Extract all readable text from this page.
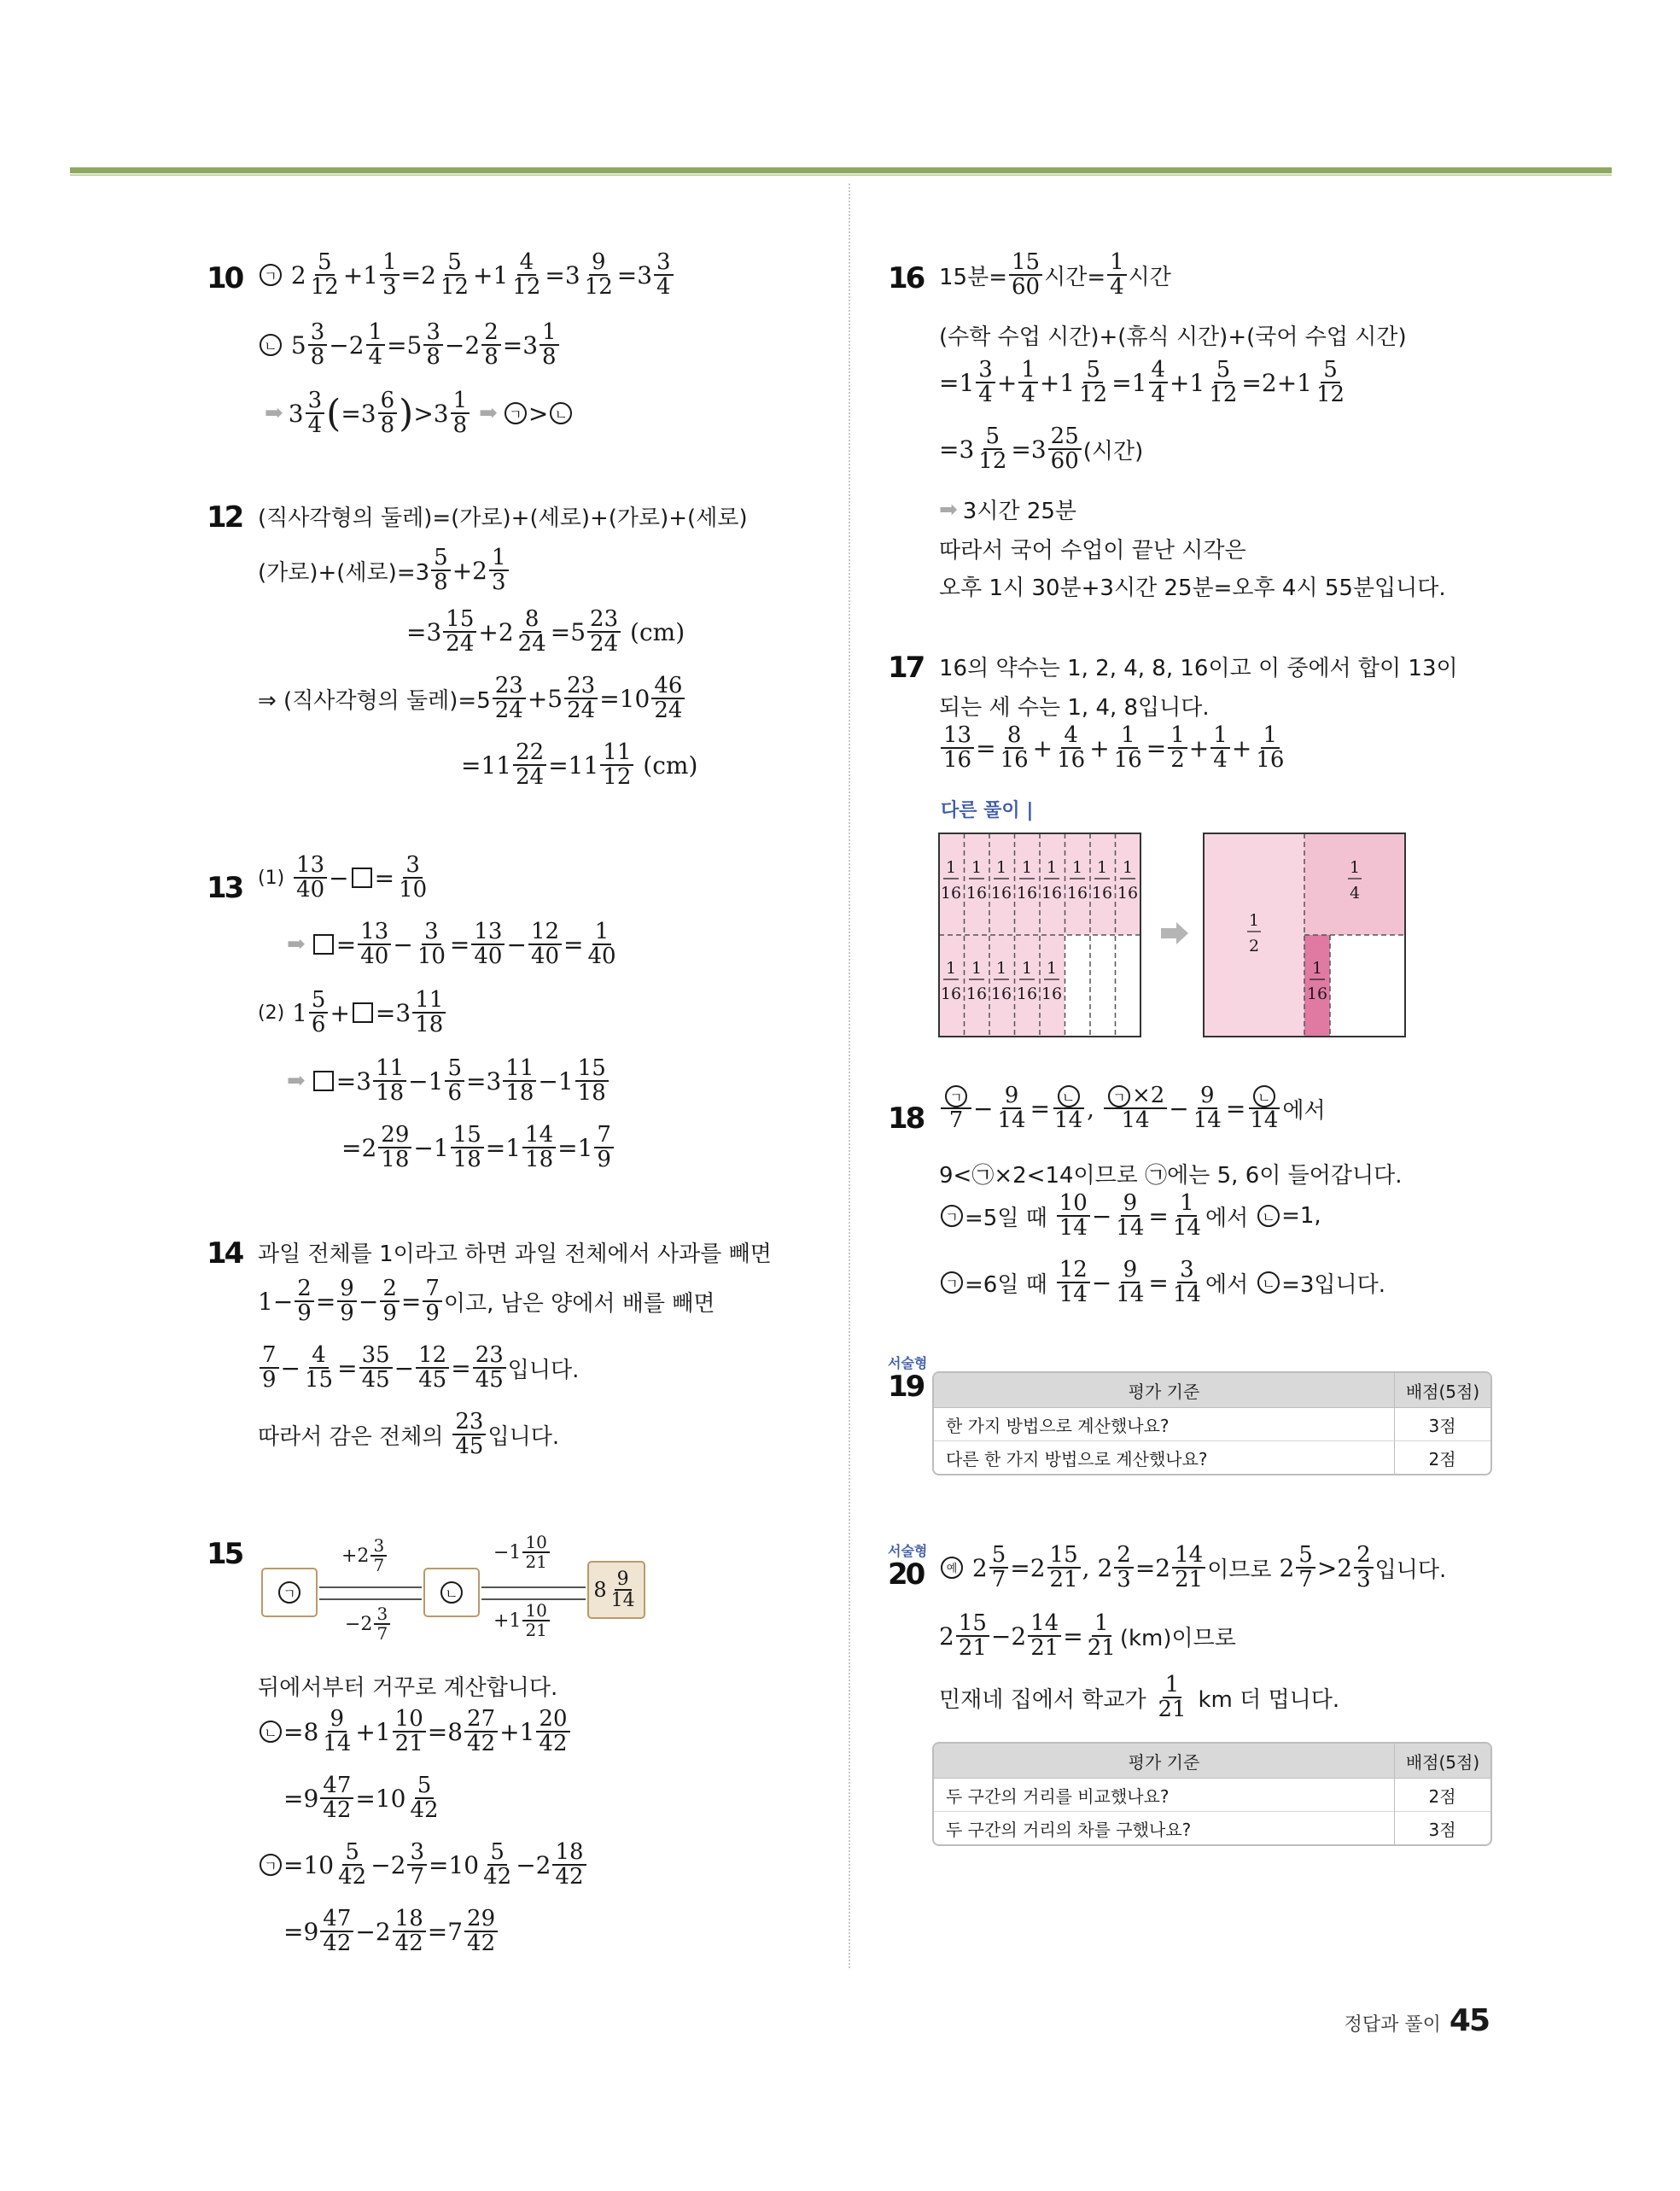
10	ㄱ 2 5
12 +1 1
3 =2 5
12 +1 4
12 =3 9
12 =3 3
4
ㄴ 5 3
8 −2 1
4 =5 3
8 −2 2
8 =3 1
8
➡ 3 3
4 ( =3 6
8 ) >3 1
8
➡ ㄱ > ㄴ
12 (직사각형의 둘레)=(가로)+(세로)+(가로)+(세로)
(가로)+(세로)=3
5
8 +2 1
3
=3 15
24 +2 8
24 =5 23
24
(cm)
⇒ (직사각형의 둘레)=5
23
24 +5 23
24 =10 46
24
=11 22
24 =11 11
12
(cm)
13 (1)

13
40 − = 3
10
➡ = 13
40 − 3
10 = 13
40 − 12
40 = 1
40
(2) 1 5
6 + =3 11
18
➡ =3 11
18 −1 5
6 =3 11
18 −1 15
18
=2 29
18 −1 15
18 =1 14
18 =1 7
9
14 과일 전체를 1이라고 하면 과일 전체에서 사과를 빼면
1− 2
9 = 9
9 − 2
9 = 7
9 이고, 남은 양에서 배를 빼면
7
9 − 4
15 = 35
45 − 12
45 = 23
45 입니다.
따라서 감은 전체의

23
45 입니다.
15
ㄱ	ㄴ	8 9
14
+2 3
7
−1 10
21
−2 3
7
+1 10
21
뒤에서부터 거꾸로 계산합니다.
ㄴ =8 9
14 +1 10
21 =8 27
42 +1 20
42
=9 47
42 =10 5
42
ㄱ =10 5
42 −2 3
7 =10 5
42 −2 18
42
=9 47
42 −2 18
42 =7 29
42
16 15분= $\frac{15}{60}$ 시간= $\frac{1}{4}$ 시간
(수학 수업 시간)+(휴식 시간)+(국어 수업 시간)
=1 3
4 + 1
4 +1 5
12 =1 4
4 +1 5
12 =2+1 5
12
=3 5
12 =3 25
60 (시간)
➡ 3시간 25분
따라서 국어 수업이 끝난 시각은
오후 1시 30분+3시간 25분=오후 4시 55분입니다.
17 16의 약수는 1, 2, 4, 8, 16이고 이 중에서 합이 13이
되는 세 수는 1, 4, 8입니다.
13
16 = 8
16 + 4
16 + 1
16 = 1
2 + 1
4 + 1
16
다른 풀이 |
1 1 1 1 1 1 1 1
16 16 16 16 16 16 16 16
1 1 1 1 1
16 16 16 16 16
1
2
1
4
1
16
18
ㄱ
7 − 9
14 = ㄴ
14 , ㄱ ×2
14 − 9
14 = ㄴ
14 에서
9<㉠×2<14이므로 ㉠에는 5, 6이 들어갑니다.
ㄱ =5일 때

10
14 − 9
14 = 1
14 에서
	ㄴ =1,
ㄱ =6일 때

12
14 − 9
14 = 3
14 에서
	ㄴ =3입니다.
서술형
19	평가 기준	배점(5점)
한 가지 방법으로 계산했나요?	3점
다른 한 가지 방법으로 계산했나요?	2점
서술형
20	예 2 5
7 =2 15
21 , 2 2
3 =2 14
21 이므로 2 5
7 >2 2
3 입니다.
2 15
21 −2 14
21 = 1
21 (km)이므로
민재네 집에서 학교가

1
21
km 더 멉니다.
평가 기준	배점(5점)
두 구간의 거리를 비교했나요?	2점
두 구간의 거리의 차를 구했나요?	3점
정답과 풀이 45
